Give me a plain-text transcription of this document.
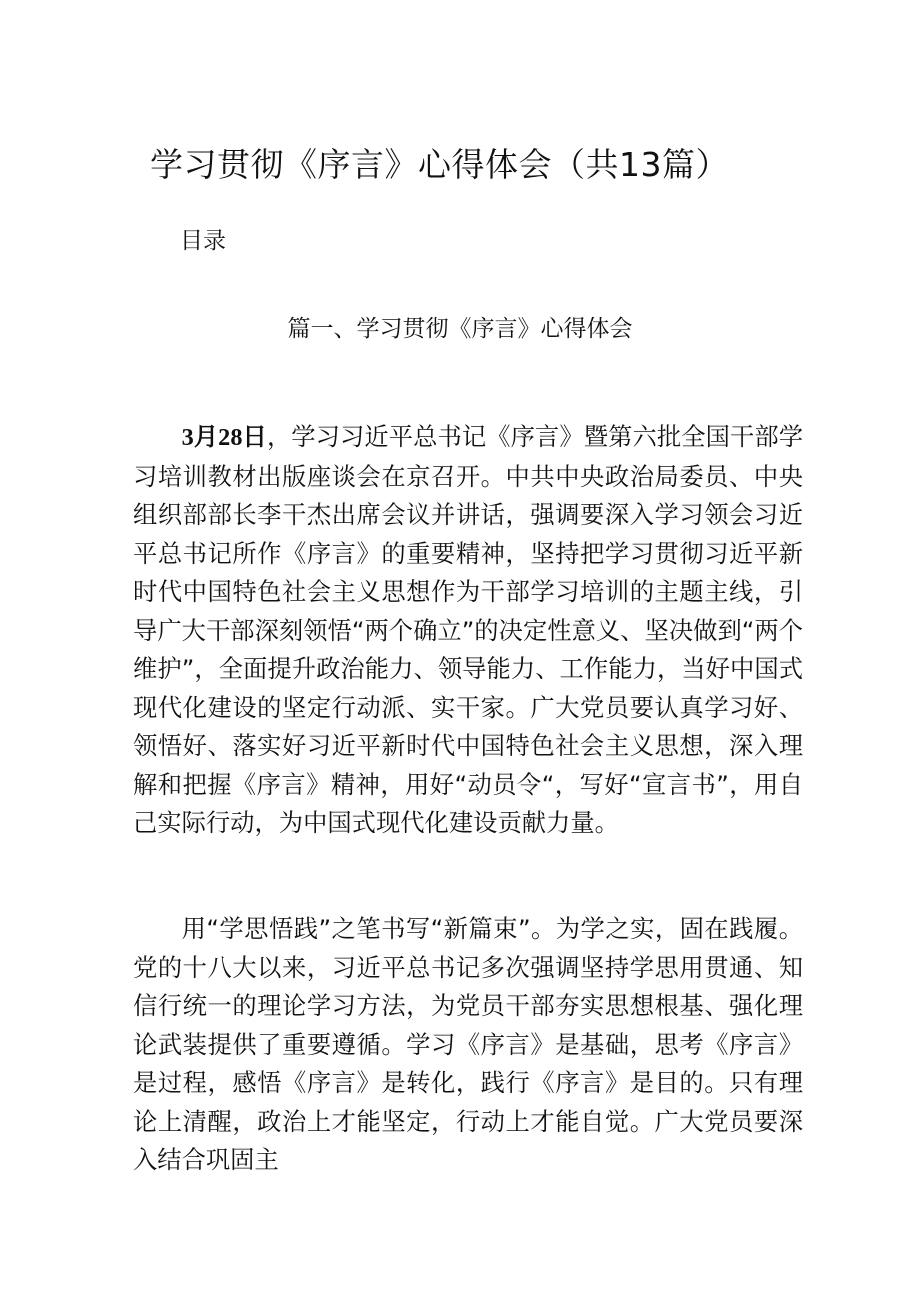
学习贯彻《序言》心得体会（共13篇）
目录
篇一、学习贯彻《序言》心得体会

3月28日，学习习近平总书记《序言》暨第六批全国干部学习培训教材出版座谈会在京召开。中共中央政治局委员、中央组织部部长李干杰出席会议并讲话，强调要深入学习领会习近平总书记所作《序言》的重要精神，坚持把学习贯彻习近平新时代中国特色社会主义思想作为干部学习培训的主题主线，引导广大干部深刻领悟“两个确立”的决定性意义、坚决做到“两个维护”，全面提升政治能力、领导能力、工作能力，当好中国式现代化建设的坚定行动派、实干家。广大党员要认真学习好、领悟好、落实好习近平新时代中国特色社会主义思想，深入理解和把握《序言》精神，用好“动员令“，写好“宣言书”，用自己实际行动，为中国式现代化建设贡献力量。

用“学思悟践”之笔书写“新篇束”。为学之实，固在践履。党的十八大以来，习近平总书记多次强调坚持学思用贯通、知信行统一的理论学习方法，为党员干部夯实思想根基、强化理论武装提供了重要遵循。学习《序言》是基础，思考《序言》是过程，感悟《序言》是转化，践行《序言》是目的。只有理论上清醒，政治上才能坚定，行动上才能自觉。广大党员要深入结合巩固主
